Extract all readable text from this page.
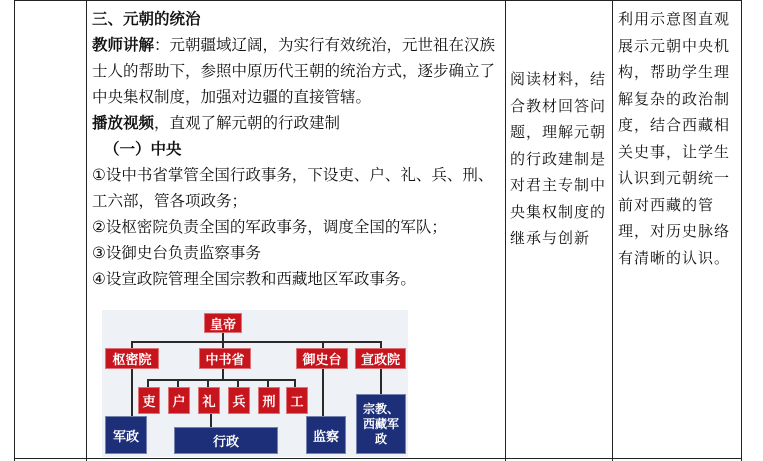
三、元朝的统治

教师讲解：元朝疆域辽阔，为实行有效统治，元世祖在汉族士人的帮助下，参照中原历代王朝的统治方式，逐步确立了中央集权制度，加强对边疆的直接管辖。

播放视频，直观了解元朝的行政建制

（一）中央

①设中书省掌管全国行政事务，下设吏、户、礼、兵、刑、工六部，管各项政务；

②设枢密院负责全国的军政事务，调度全国的军队；

③设御史台负责监察事务

④设宣政院管理全国宗教和西藏地区军政事务。

皇帝
枢密院	中书省	御史台	宣政院
吏	户	礼	兵	刑	工
军政	行政	监察
宗教、西藏军政
阅读材料，结合教材回答问题，理解元朝的行政建制是对君主专制中央集权制度的继承与创新
利用示意图直观展示元朝中央机构，帮助学生理解复杂的政治制度，结合西藏相关史事，让学生认识到元朝统一前对西藏的管理，对历史脉络有清晰的认识。
